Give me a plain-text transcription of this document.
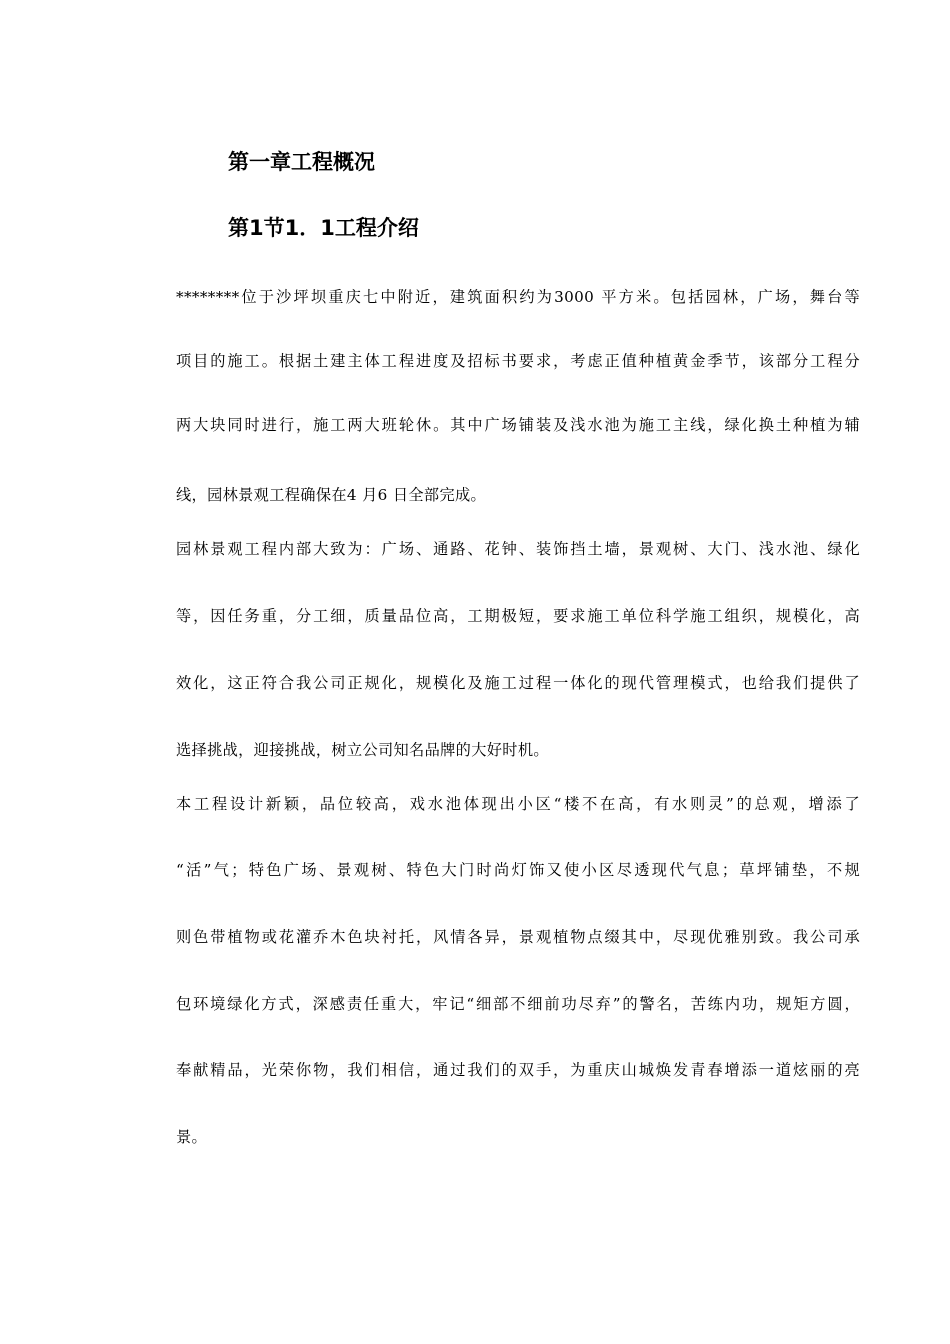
第一章工程概况
第1节1．1工程介绍
********位于沙坪坝重庆七中附近，建筑面积约为3000 平方米。包括园林，广场，舞台等
项目的施工。根据土建主体工程进度及招标书要求，考虑正值种植黄金季节，该部分工程分
两大块同时进行，施工两大班轮休。其中广场铺装及浅水池为施工主线，绿化换土种植为辅
线，园林景观工程确保在4 月6 日全部完成。
园林景观工程内部大致为：广场、通路、花钟、装饰挡土墙，景观树、大门、浅水池、绿化
等，因任务重，分工细，质量品位高，工期极短，要求施工单位科学施工组织，规模化，高
效化，这正符合我公司正规化，规模化及施工过程一体化的现代管理模式，也给我们提供了
选择挑战，迎接挑战，树立公司知名品牌的大好时机。
本工程设计新颖，品位较高，戏水池体现出小区“楼不在高，有水则灵”的总观，增添了
“活”气；特色广场、景观树、特色大门时尚灯饰又使小区尽透现代气息；草坪铺垫，不规
则色带植物或花灌乔木色块衬托，风情各异，景观植物点缀其中，尽现优雅别致。我公司承
包环境绿化方式，深感责任重大，牢记“细部不细前功尽弃”的警名，苦练内功，规矩方圆，
奉献精品，光荣你物，我们相信，通过我们的双手，为重庆山城焕发青春增添一道炫丽的亮
景。
